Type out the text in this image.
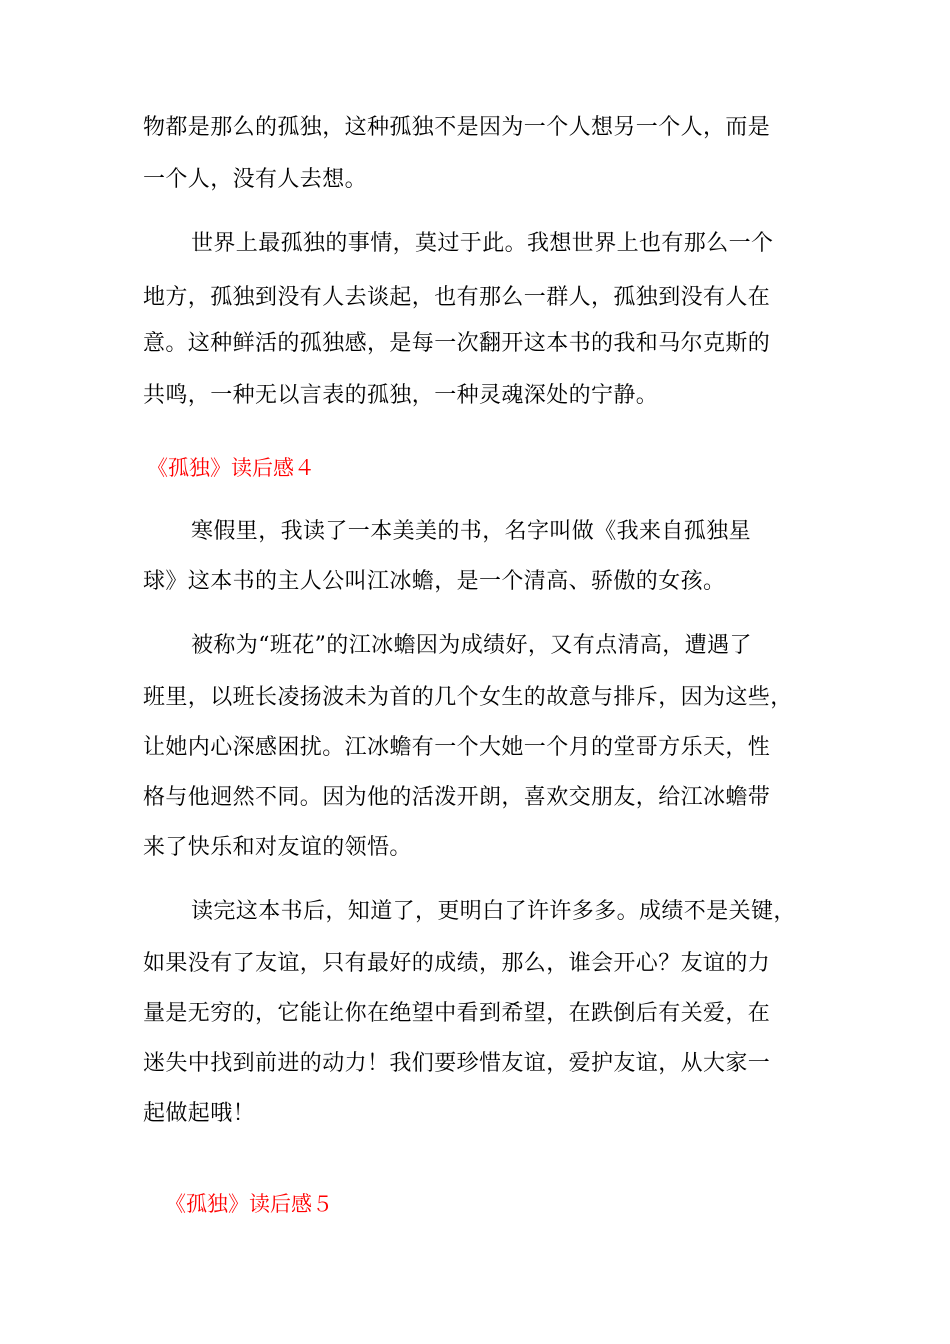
物都是那么的孤独，这种孤独不是因为一个人想另一个人，而是
一个人，没有人去想。
世界上最孤独的事情，莫过于此。我想世界上也有那么一个
地方，孤独到没有人去谈起，也有那么一群人，孤独到没有人在
意。这种鲜活的孤独感，是每一次翻开这本书的我和马尔克斯的
共鸣，一种无以言表的孤独，一种灵魂深处的宁静。
《孤独》读后感４
寒假里，我读了一本美美的书，名字叫做《我来自孤独星
球》这本书的主人公叫江冰蟾，是一个清高、骄傲的女孩。
被称为“班花”的江冰蟾因为成绩好，又有点清高，遭遇了
班里，以班长凌扬波未为首的几个女生的故意与排斥，因为这些，
让她内心深感困扰。江冰蟾有一个大她一个月的堂哥方乐天，性
格与他迥然不同。因为他的活泼开朗，喜欢交朋友，给江冰蟾带
来了快乐和对友谊的领悟。
读完这本书后，知道了，更明白了许许多多。成绩不是关键，
如果没有了友谊，只有最好的成绩，那么，谁会开心？友谊的力
量是无穷的，它能让你在绝望中看到希望，在跌倒后有关爱，在
迷失中找到前进的动力！我们要珍惜友谊，爱护友谊，从大家一
起做起哦！
《孤独》读后感５
